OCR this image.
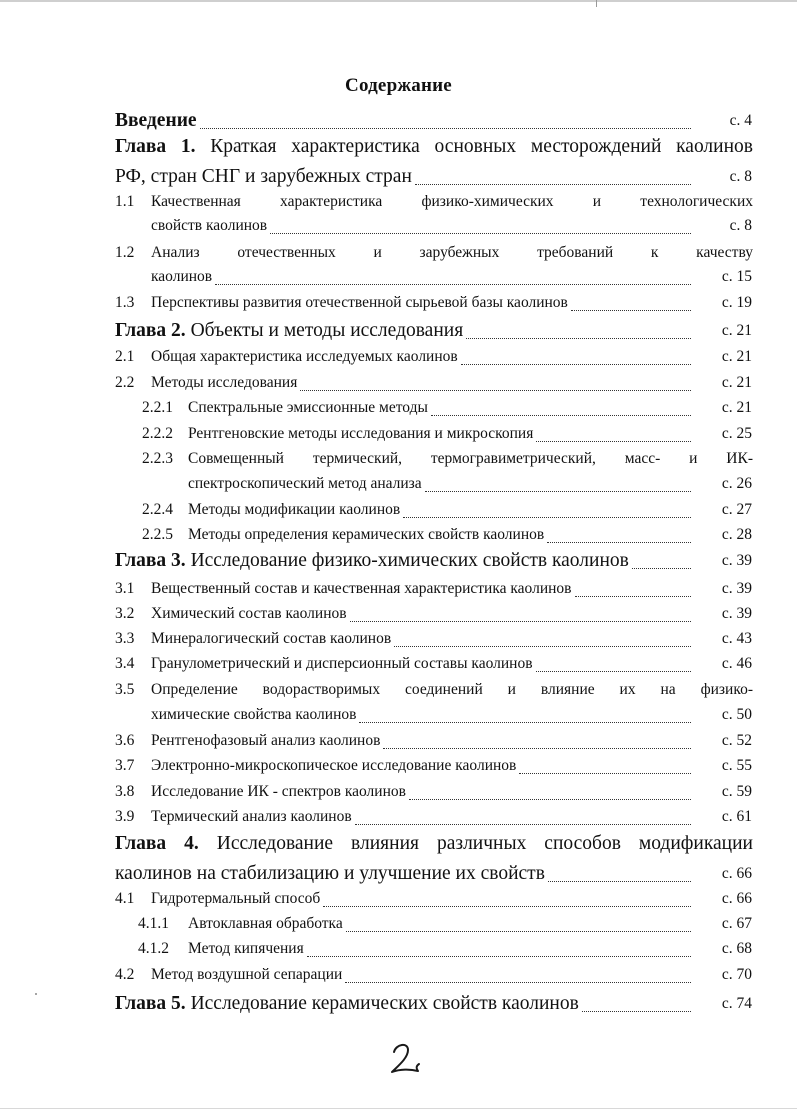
Содержание
Введение	с. 4
Глава 1. Краткая характеристика основных месторождений каолинов
РФ, стран СНГ и зарубежных стран	с. 8
1.1 Качественная характеристика физико-химических и технологических
свойств каолинов	с. 8
1.2 Анализ отечественных и зарубежных требований к качеству
каолинов	с. 15
1.3 Перспективы развития отечественной сырьевой базы каолинов	с. 19
Глава 2. Объекты и методы исследования	с. 21
2.1 Общая характеристика исследуемых каолинов	с. 21
2.2 Методы исследования	с. 21
2.2.1 Спектральные эмиссионные методы	с. 21
2.2.2 Рентгеновские методы исследования и микроскопия	с. 25
2.2.3 Совмещенный термический, термогравиметрический, масс- и ИК-
спектроскопический метод анализа	с. 26
2.2.4 Методы модификации каолинов	с. 27
2.2.5 Методы определения керамических свойств каолинов	с. 28
Глава 3. Исследование физико-химических свойств каолинов	с. 39
3.1 Вещественный состав и качественная характеристика каолинов	с. 39
3.2 Химический состав каолинов	с. 39
3.3 Минералогический состав каолинов	с. 43
3.4 Гранулометрический и дисперсионный составы каолинов	с. 46
3.5 Определение водорастворимых соединений и влияние их на физико-
химические свойства каолинов	с. 50
3.6 Рентгенофазовый анализ каолинов	с. 52
3.7 Электронно-микроскопическое исследование каолинов	с. 55
3.8 Исследование ИК - спектров каолинов	с. 59
3.9 Термический анализ каолинов	с. 61
Глава 4. Исследование влияния различных способов модификации
каолинов на стабилизацию и улучшение их свойств	с. 66
4.1 Гидротермальный способ	с. 66
4.1.1 Автоклавная обработка	с. 67
4.1.2 Метод кипячения	с. 68
4.2 Метод воздушной сепарации	с. 70
Глава 5. Исследование керамических свойств каолинов	с. 74
